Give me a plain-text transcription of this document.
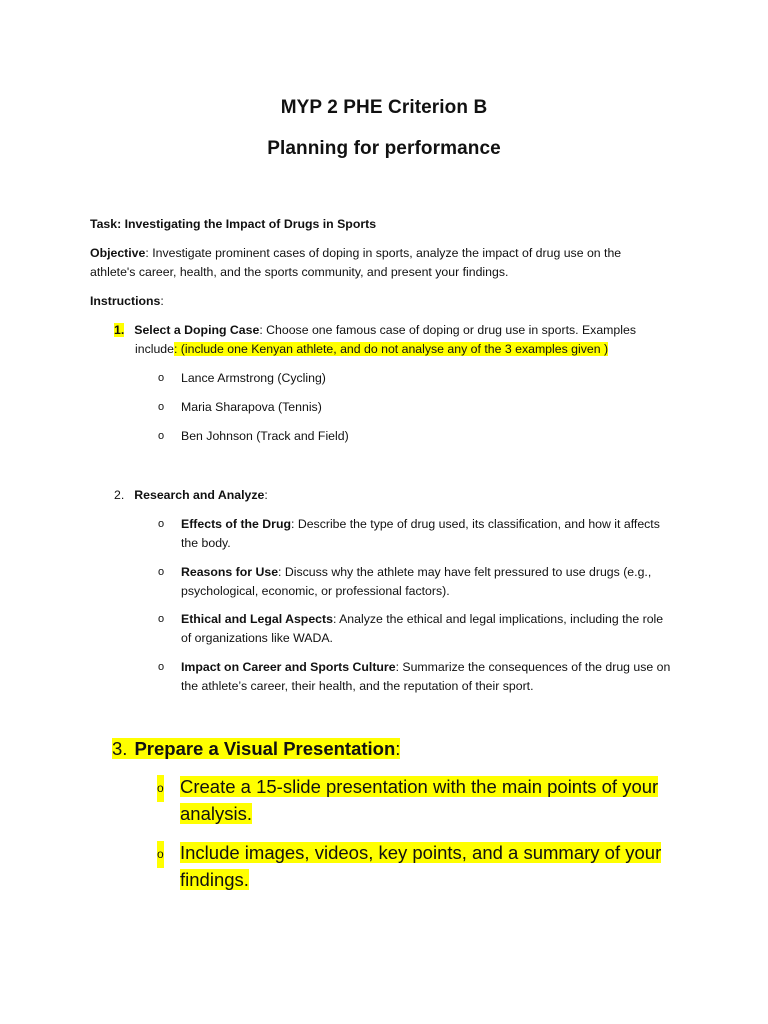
MYP 2 PHE Criterion B
Planning for performance
Task: Investigating the Impact of Drugs in Sports
Objective: Investigate prominent cases of doping in sports, analyze the impact of drug use on the
athlete's career, health, and the sports community, and present your findings.
Instructions:
1. Select a Doping Case: Choose one famous case of doping or drug use in sports. Examples
include: (include one Kenyan athlete, and do not analyse any of the 3 examples given )
o Lance Armstrong (Cycling)
o Maria Sharapova (Tennis)
o Ben Johnson (Track and Field)
2. Research and Analyze:
o Effects of the Drug: Describe the type of drug used, its classification, and how it affects
the body.
o Reasons for Use: Discuss why the athlete may have felt pressured to use drugs (e.g.,
psychological, economic, or professional factors).
o Ethical and Legal Aspects: Analyze the ethical and legal implications, including the role
of organizations like WADA.
o Impact on Career and Sports Culture: Summarize the consequences of the drug use on
the athlete’s career, their health, and the reputation of their sport.
3. Prepare a Visual Presentation:
o Create a 15-slide presentation with the main points of your
analysis.
o Include images, videos, key points, and a summary of your
findings.
